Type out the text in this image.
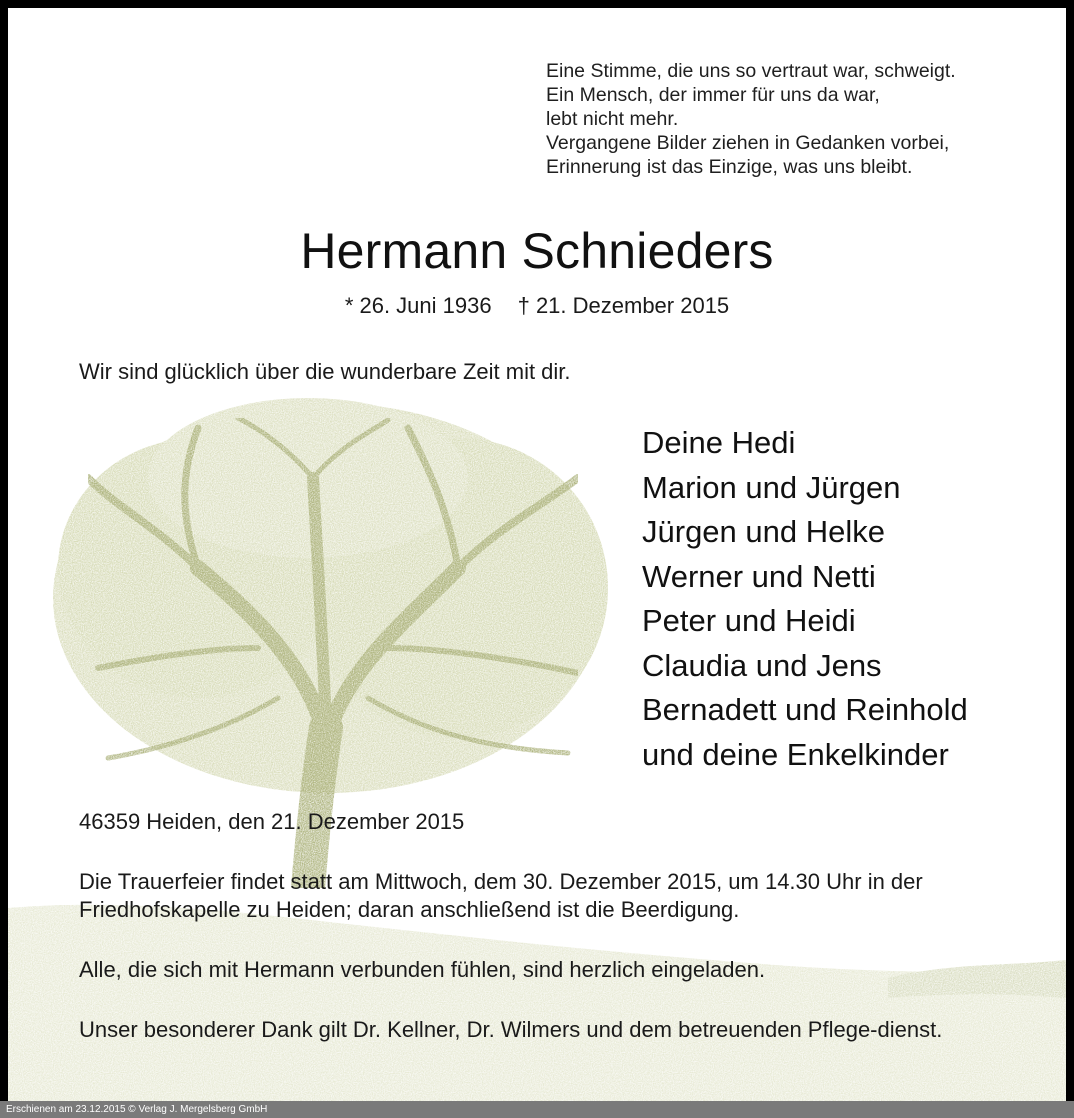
Eine Stimme, die uns so vertraut war, schweigt.
Ein Mensch, der immer für uns da war,
lebt nicht mehr.
Vergangene Bilder ziehen in Gedanken vorbei,
Erinnerung ist das Einzige, was uns bleibt.
Hermann Schnieders
* 26. Juni 1936 † 21. Dezember 2015
Wir sind glücklich über die wunderbare Zeit mit dir.
Deine Hedi
Marion und Jürgen
Jürgen und Helke
Werner und Netti
Peter und Heidi
Claudia und Jens
Bernadett und Reinhold
und deine Enkelkinder
46359 Heiden, den 21. Dezember 2015
Die Trauerfeier findet statt am Mittwoch, dem 30. Dezember 2015, um 14.30 Uhr in der Friedhofskapelle zu Heiden; daran anschließend ist die Beerdigung.
Alle, die sich mit Hermann verbunden fühlen, sind herzlich eingeladen.
Unser besonderer Dank gilt Dr. Kellner, Dr. Wilmers und dem betreuenden Pflege-dienst.
Erschienen am 23.12.2015 © Verlag J. Mergelsberg GmbH
